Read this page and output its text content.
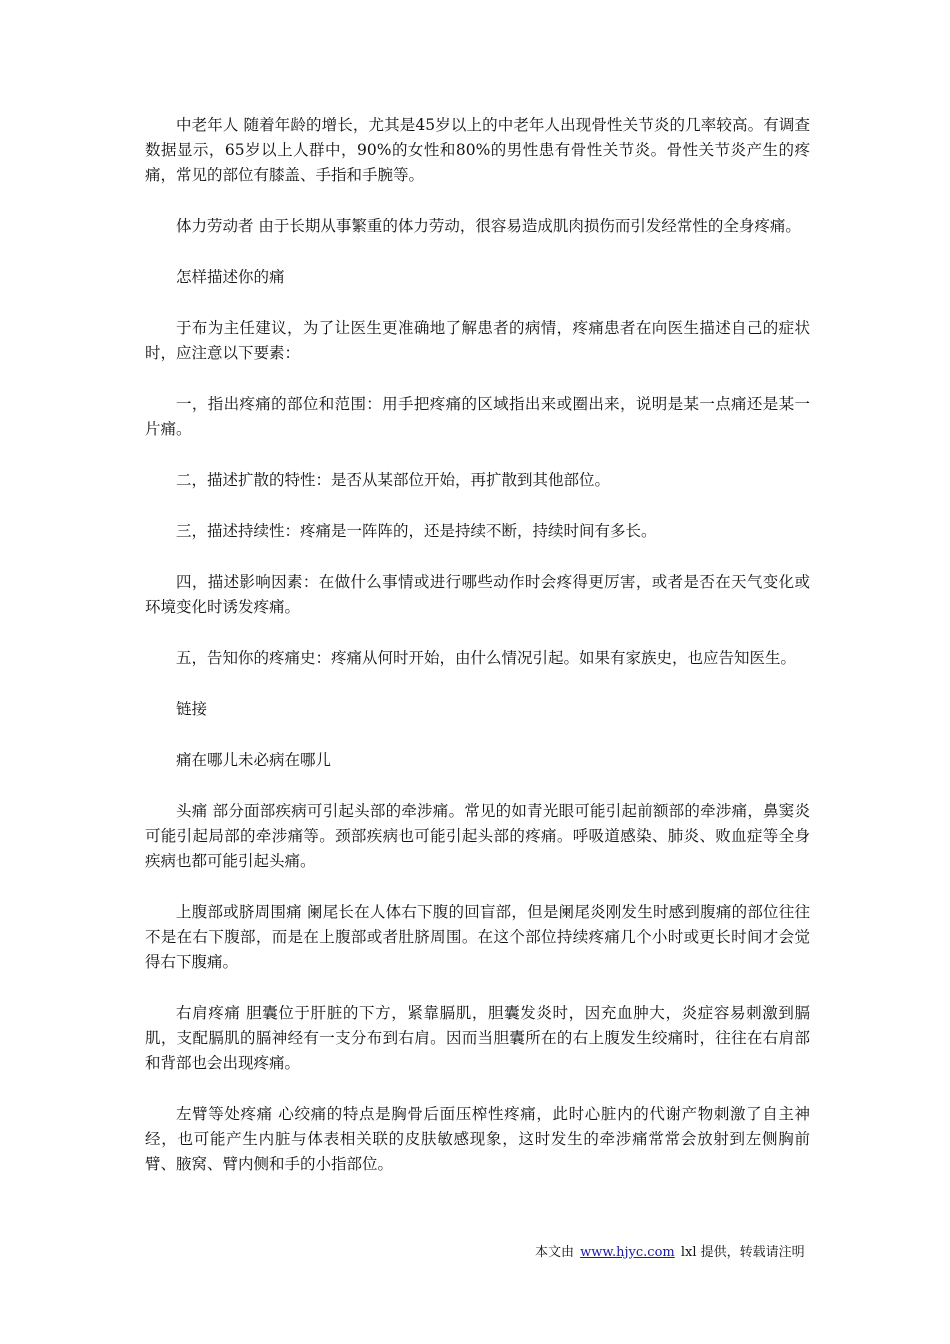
中老年人 随着年龄的增长，尤其是45岁以上的中老年人出现骨性关节炎的几率较高。有调查数据显示，65岁以上人群中，90%的女性和80%的男性患有骨性关节炎。骨性关节炎产生的疼痛，常见的部位有膝盖、手指和手腕等。

体力劳动者 由于长期从事繁重的体力劳动，很容易造成肌肉损伤而引发经常性的全身疼痛。

怎样描述你的痛

于布为主任建议，为了让医生更准确地了解患者的病情，疼痛患者在向医生描述自己的症状时，应注意以下要素：

一，指出疼痛的部位和范围：用手把疼痛的区域指出来或圈出来，说明是某一点痛还是某一片痛。

二，描述扩散的特性：是否从某部位开始，再扩散到其他部位。

三，描述持续性：疼痛是一阵阵的，还是持续不断，持续时间有多长。

四，描述影响因素：在做什么事情或进行哪些动作时会疼得更厉害，或者是否在天气变化或环境变化时诱发疼痛。

五，告知你的疼痛史：疼痛从何时开始，由什么情况引起。如果有家族史，也应告知医生。

链接

痛在哪儿未必病在哪儿

头痛 部分面部疾病可引起头部的牵涉痛。常见的如青光眼可能引起前额部的牵涉痛，鼻窦炎可能引起局部的牵涉痛等。颈部疾病也可能引起头部的疼痛。呼吸道感染、肺炎、败血症等全身疾病也都可能引起头痛。

上腹部或脐周围痛 阑尾长在人体右下腹的回盲部，但是阑尾炎刚发生时感到腹痛的部位往往不是在右下腹部，而是在上腹部或者肚脐周围。在这个部位持续疼痛几个小时或更长时间才会觉得右下腹痛。

右肩疼痛 胆囊位于肝脏的下方，紧靠膈肌，胆囊发炎时，因充血肿大，炎症容易刺激到膈肌，支配膈肌的膈神经有一支分布到右肩。因而当胆囊所在的右上腹发生绞痛时，往往在右肩部和背部也会出现疼痛。

左臂等处疼痛 心绞痛的特点是胸骨后面压榨性疼痛，此时心脏内的代谢产物刺激了自主神经，也可能产生内脏与体表相关联的皮肤敏感现象，这时发生的牵涉痛常常会放射到左侧胸前臂、腋窝、臂内侧和手的小指部位。

本文由 www.hjyc.com lxl 提供，转载请注明
